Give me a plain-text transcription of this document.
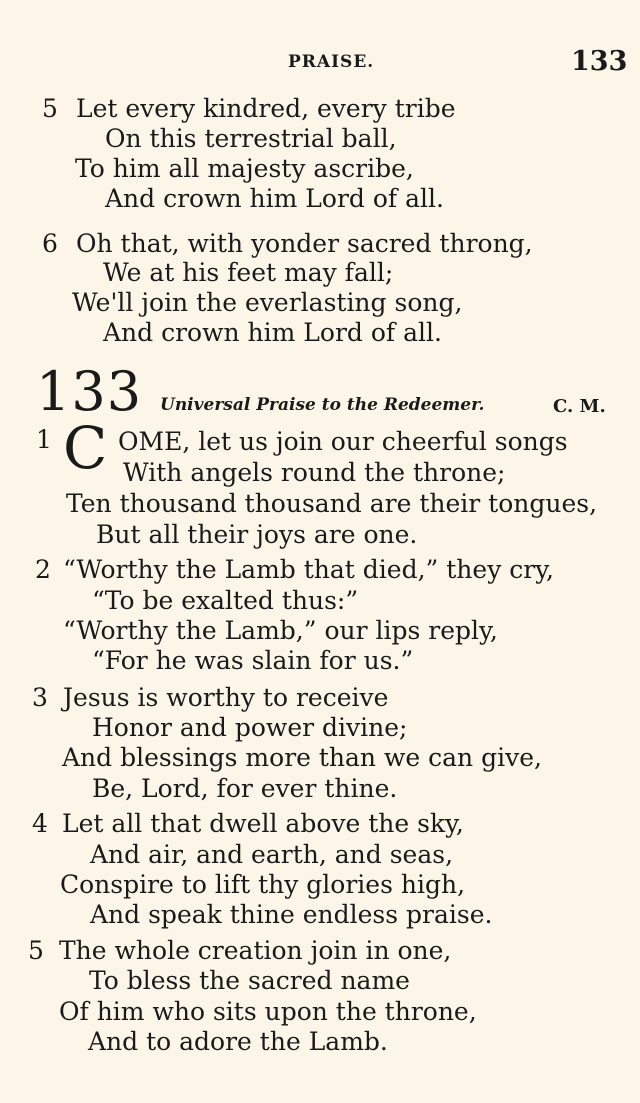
PRAISE.	133
5 Let every kindred, every tribe
On this terrestrial ball,
To him all majesty ascribe,
And crown him Lord of all.
6 Oh that, with yonder sacred throng,
We at his feet may fall;
We'll join the everlasting song,
And crown him Lord of all.
133 Universal Praise to the Redeemer.	C. M.
1 C OME, let us join our cheerful songs
With angels round the throne;
Ten thousand thousand are their tongues,
But all their joys are one.
2 “Worthy the Lamb that died,” they cry,
“To be exalted thus:”
“Worthy the Lamb,” our lips reply,
“For he was slain for us.”
3 Jesus is worthy to receive
Honor and power divine;
And blessings more than we can give,
Be, Lord, for ever thine.
4 Let all that dwell above the sky,
And air, and earth, and seas,
Conspire to lift thy glories high,
And speak thine endless praise.
5 The whole creation join in one,
To bless the sacred name
Of him who sits upon the throne,
And to adore the Lamb.
